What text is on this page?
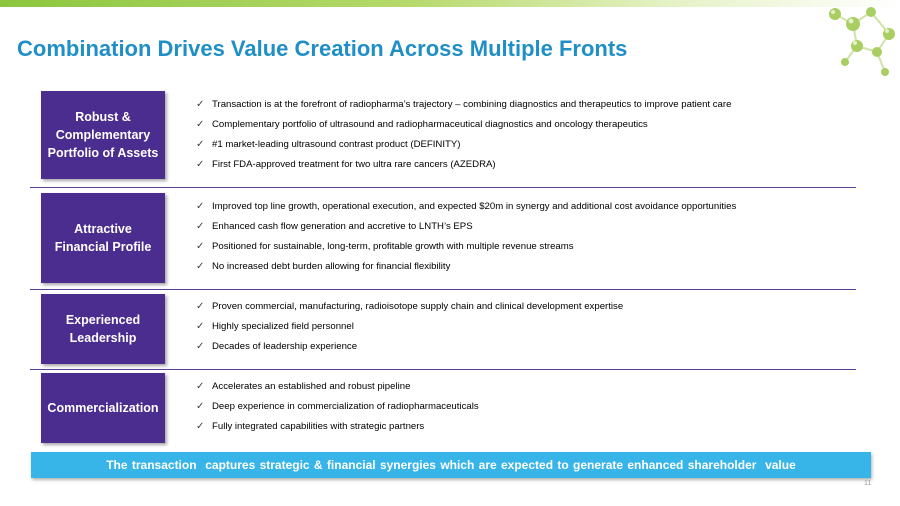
Combination Drives Value Creation Across Multiple Fronts
Robust &
Complementary
Portfolio of Assets
✓ Transaction is at the forefront of radiopharma’s trajectory – combining diagnostics and therapeutics to improve patient care
✓ Complementary portfolio of ultrasound and radiopharmaceutical diagnostics and oncology therapeutics
✓ #1 market-leading ultrasound contrast product (DEFINITY)
✓ First FDA-approved treatment for two ultra rare cancers (AZEDRA)
Attractive
Financial Profile
✓ Improved top line growth, operational execution, and expected $20m in synergy and additional cost avoidance opportunities
✓ Enhanced cash flow generation and accretive to LNTH’s EPS
✓ Positioned for sustainable, long-term, profitable growth with multiple revenue streams
✓ No increased debt burden allowing for financial flexibility
Experienced
Leadership
✓ Proven commercial, manufacturing, radioisotope supply chain and clinical development expertise
✓ Highly specialized field personnel
✓ Decades of leadership experience
Commercialization
✓ Accelerates an established and robust pipeline
✓ Deep experience in commercialization of radiopharmaceuticals
✓ Fully integrated capabilities with strategic partners
The transaction  captures strategic & financial synergies which are expected to generate enhanced shareholder  value
11
